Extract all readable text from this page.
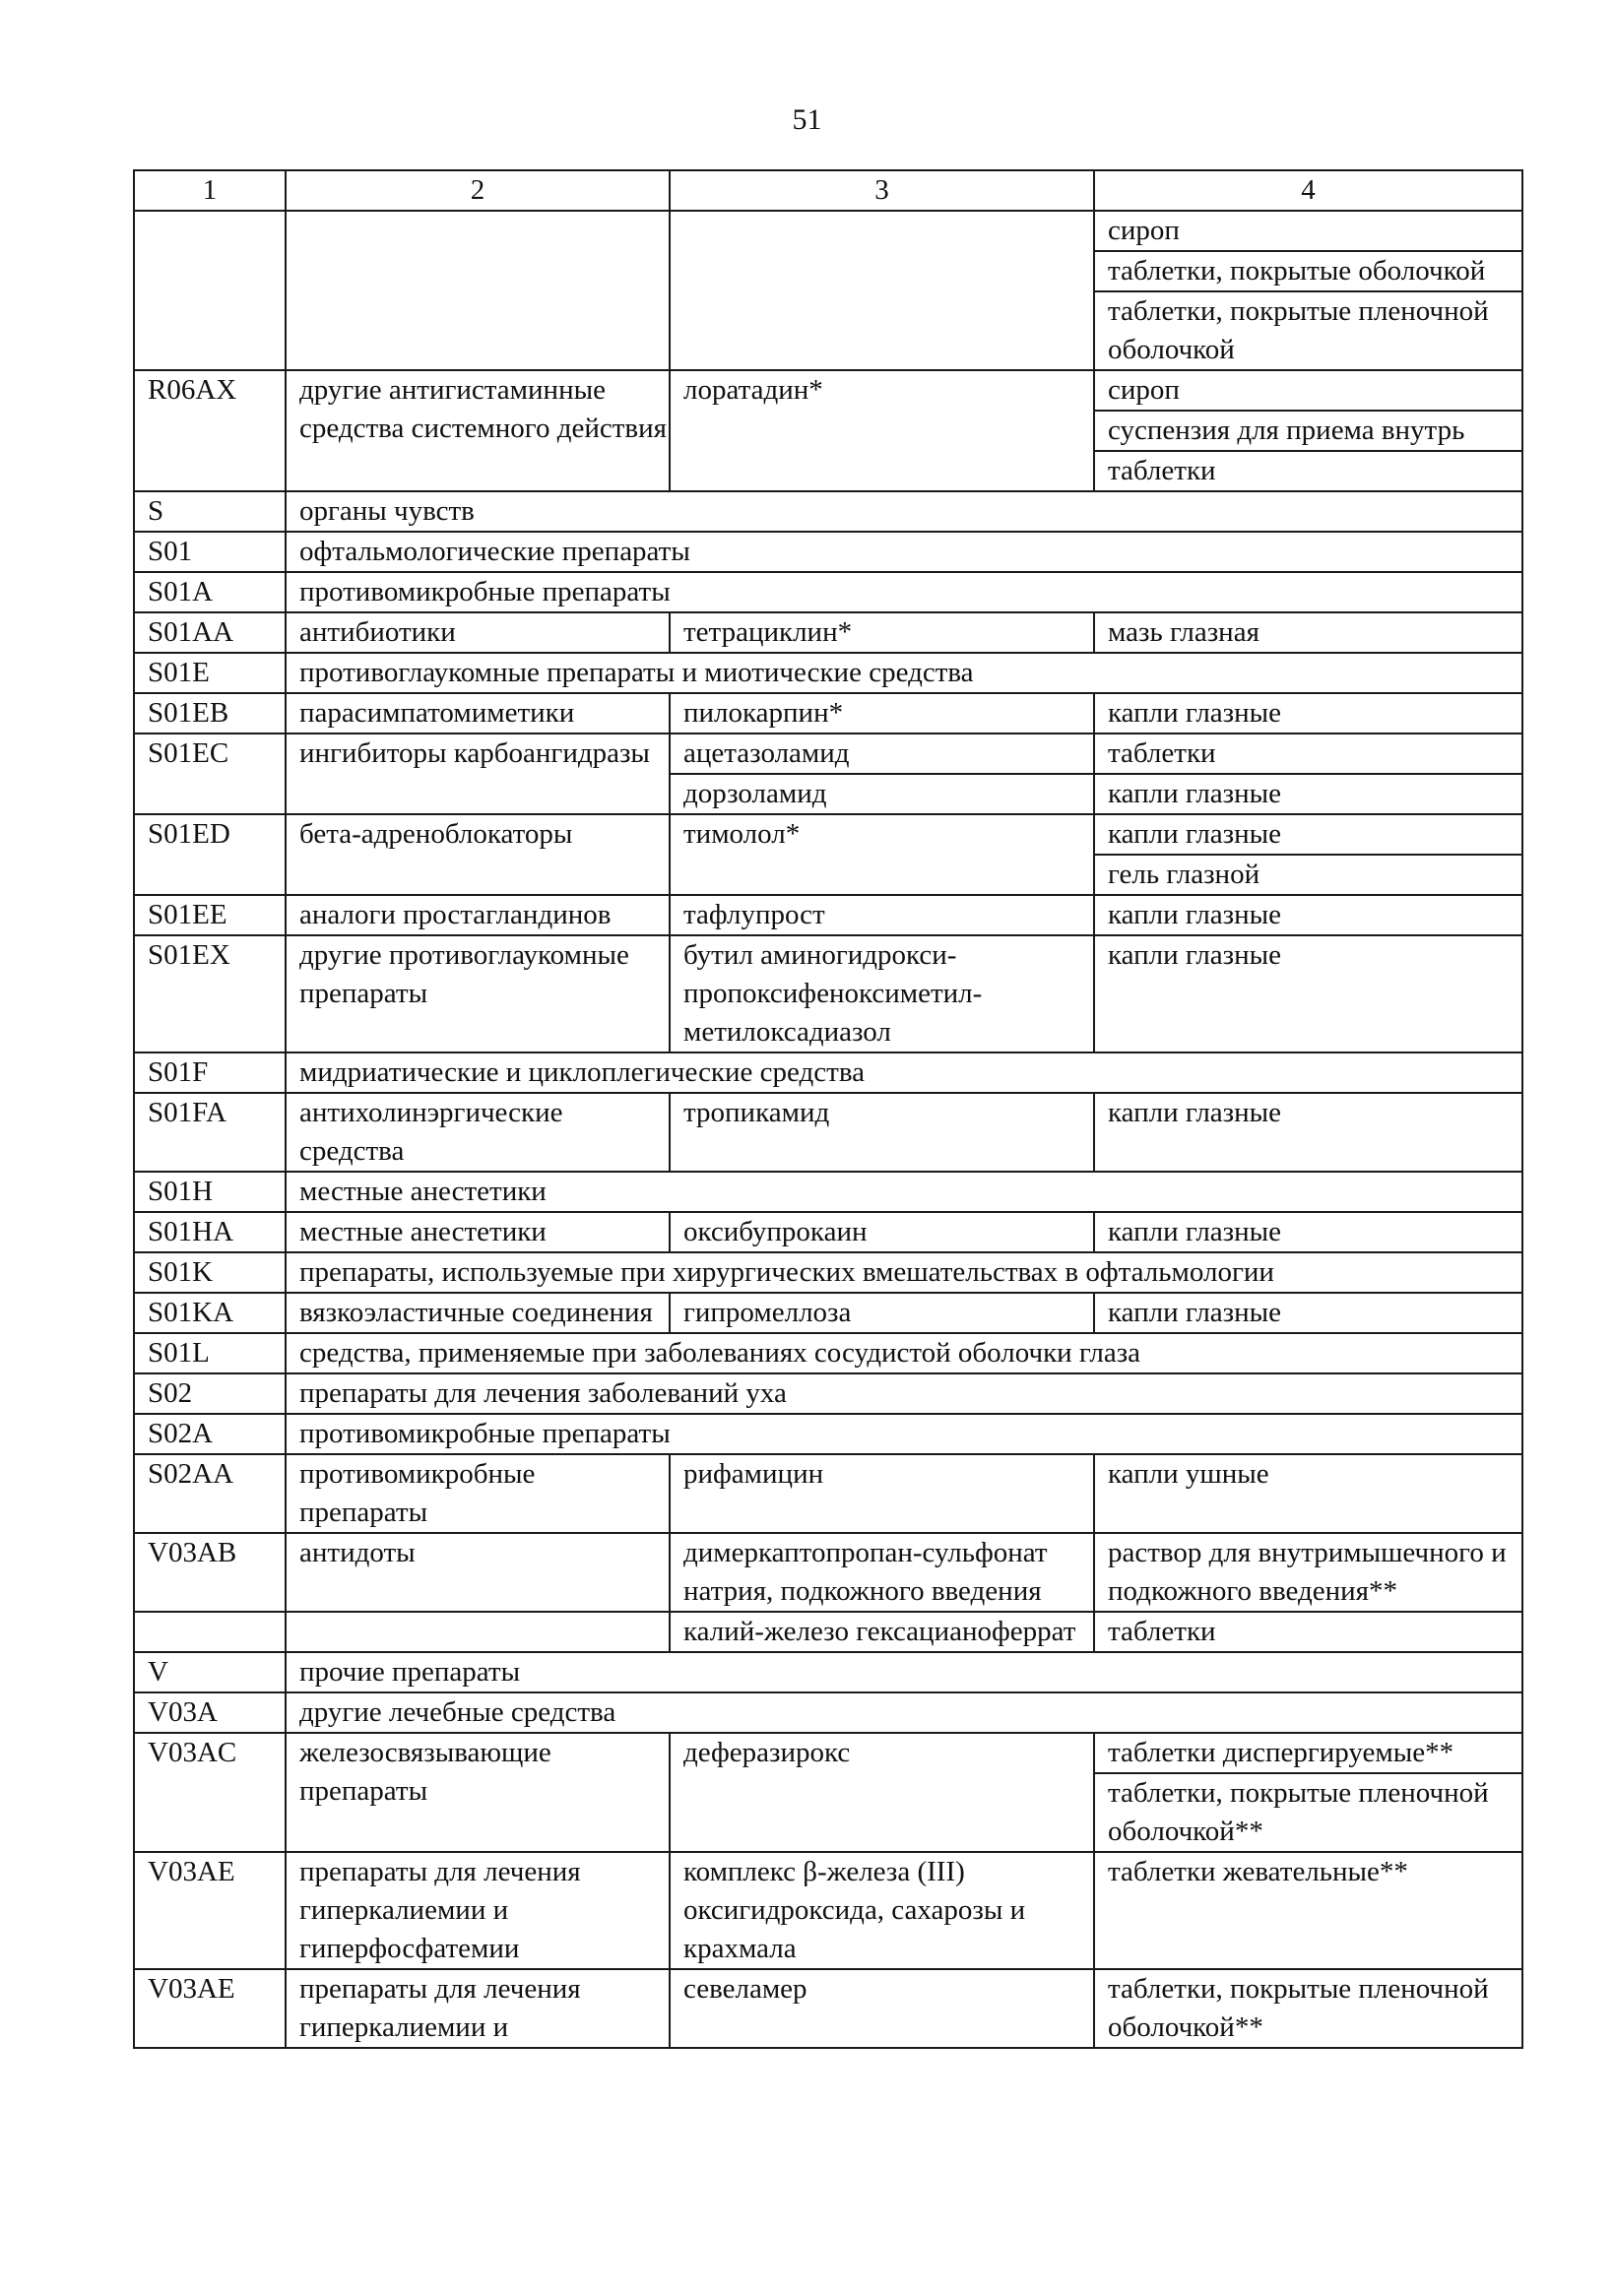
51
1	2	3	4

			сироп
таблетки, покрытые оболочкой
таблетки, покрытые пленочной оболочкой

R06AX	другие антигистаминные средства системного действия	лоратадин*	сироп
суспензия для приема внутрь
таблетки

S	органы чувств		
S01	офтальмологические препараты		
S01A	противомикробные препараты		
S01AA	антибиотики	тетрациклин*	мазь глазная

S01E	противоглаукомные препараты и миотические средства		
S01EB	парасимпатомиметики	пилокарпин*	капли глазные

S01EC	ингибиторы карбоангидразы	ацетазоламид	таблетки

		дорзоламид	капли глазные

S01ED	бета-адреноблокаторы	тимолол*	капли глазные
гель глазной

S01EE	аналоги простагландинов	тафлупрост	капли глазные

S01EX	другие противоглаукомные препараты	бутил аминогидрокси-пропоксифеноксиметил-метилоксадиазол	капли глазные

S01F	мидриатические и циклоплегические средства		
S01FA	антихолинэргические средства	тропикамид	капли глазные

S01H	местные анестетики		
S01HA	местные анестетики	оксибупрокаин	капли глазные

S01K	препараты, используемые при хирургических вмешательствах в офтальмологии		
S01KA	вязкоэластичные соединения	гипромеллоза	капли глазные

S01L	средства, применяемые при заболеваниях сосудистой оболочки глаза		
S02	препараты для лечения заболеваний уха		
S02A	противомикробные препараты		
S02AA	противомикробные препараты	рифамицин	капли ушные

V03AB	антидоты	димеркаптопропан-сульфонат натрия, подкожного введения	раствор для внутримышечного и подкожного введения**

		калий-железо гексацианоферрат	таблетки

V	прочие препараты		
V03A	другие лечебные средства		
V03AC	железосвязывающие препараты	деферазирокс	таблетки диспергируемые**
таблетки, покрытые пленочной оболочкой**

V03AE	препараты для лечения гиперкалиемии и гиперфосфатемии	комплекс β-железа (III) оксигидроксида, сахарозы и крахмала	таблетки жевательные**

V03AE	препараты для лечения гиперкалиемии и	севеламер	таблетки, покрытые пленочной оболочкой**
